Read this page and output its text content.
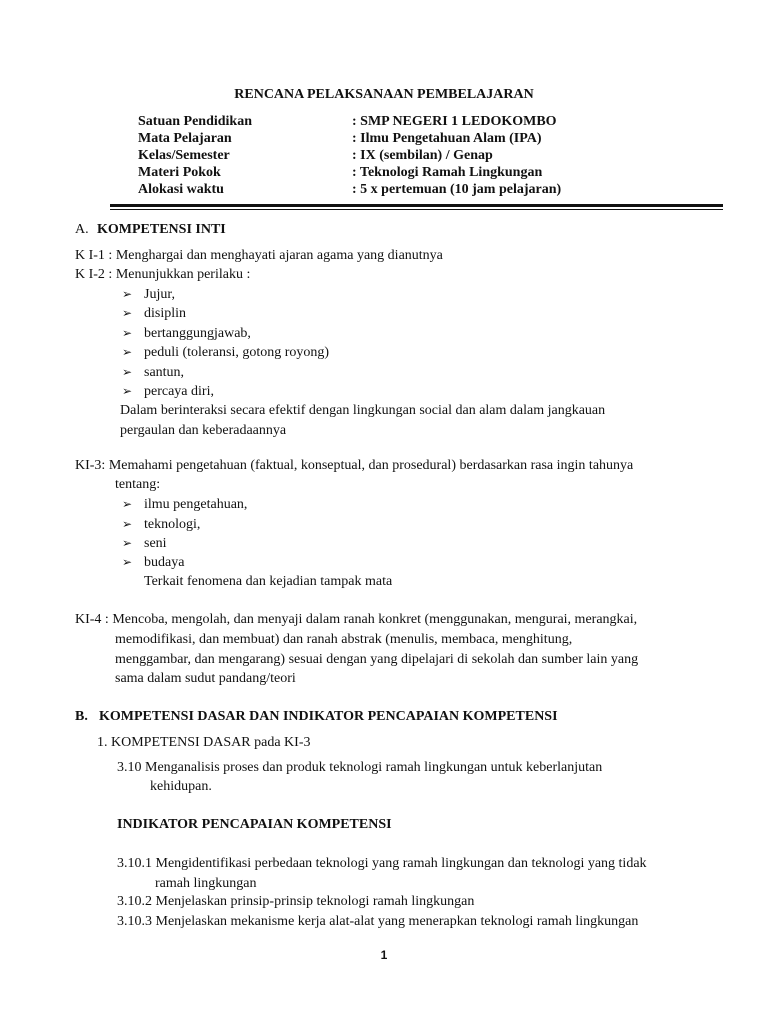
RENCANA PELAKSANAAN PEMBELAJARAN
Satuan Pendidikan	: SMP NEGERI 1 LEDOKOMBO
Mata Pelajaran	: Ilmu Pengetahuan Alam (IPA)
Kelas/Semester	: IX (sembilan) / Genap
Materi Pokok	: Teknologi Ramah Lingkungan
Alokasi waktu	: 5 x pertemuan (10 jam pelajaran)
A. KOMPETENSI INTI
K I-1 : Menghargai dan menghayati ajaran agama yang dianutnya
K I-2 : Menunjukkan perilaku :
➢ Jujur,
➢ disiplin
➢ bertanggungjawab,
➢ peduli (toleransi, gotong royong)
➢ santun,
➢ percaya diri,
Dalam berinteraksi secara efektif dengan lingkungan social dan alam dalam jangkauan
pergaulan dan keberadaannya
KI-3: Memahami pengetahuan (faktual, konseptual, dan prosedural) berdasarkan rasa ingin tahunya
tentang:
➢ ilmu pengetahuan,
➢ teknologi,
➢ seni
➢ budaya
Terkait fenomena dan kejadian tampak mata
KI-4 : Mencoba, mengolah, dan menyaji dalam ranah konkret (menggunakan, mengurai, merangkai,
memodifikasi, dan membuat) dan ranah abstrak (menulis, membaca, menghitung,
menggambar, dan mengarang) sesuai dengan yang dipelajari di sekolah dan sumber lain yang
sama dalam sudut pandang/teori
B. KOMPETENSI DASAR DAN INDIKATOR PENCAPAIAN KOMPETENSI
1. KOMPETENSI DASAR pada KI-3
3.10 Menganalisis proses dan produk teknologi ramah lingkungan untuk keberlanjutan
kehidupan.
INDIKATOR PENCAPAIAN KOMPETENSI
3.10.1 Mengidentifikasi perbedaan teknologi yang ramah lingkungan dan teknologi yang tidak
ramah lingkungan
3.10.2 Menjelaskan prinsip-prinsip teknologi ramah lingkungan
3.10.3 Menjelaskan mekanisme kerja alat-alat yang menerapkan teknologi ramah lingkungan
1
